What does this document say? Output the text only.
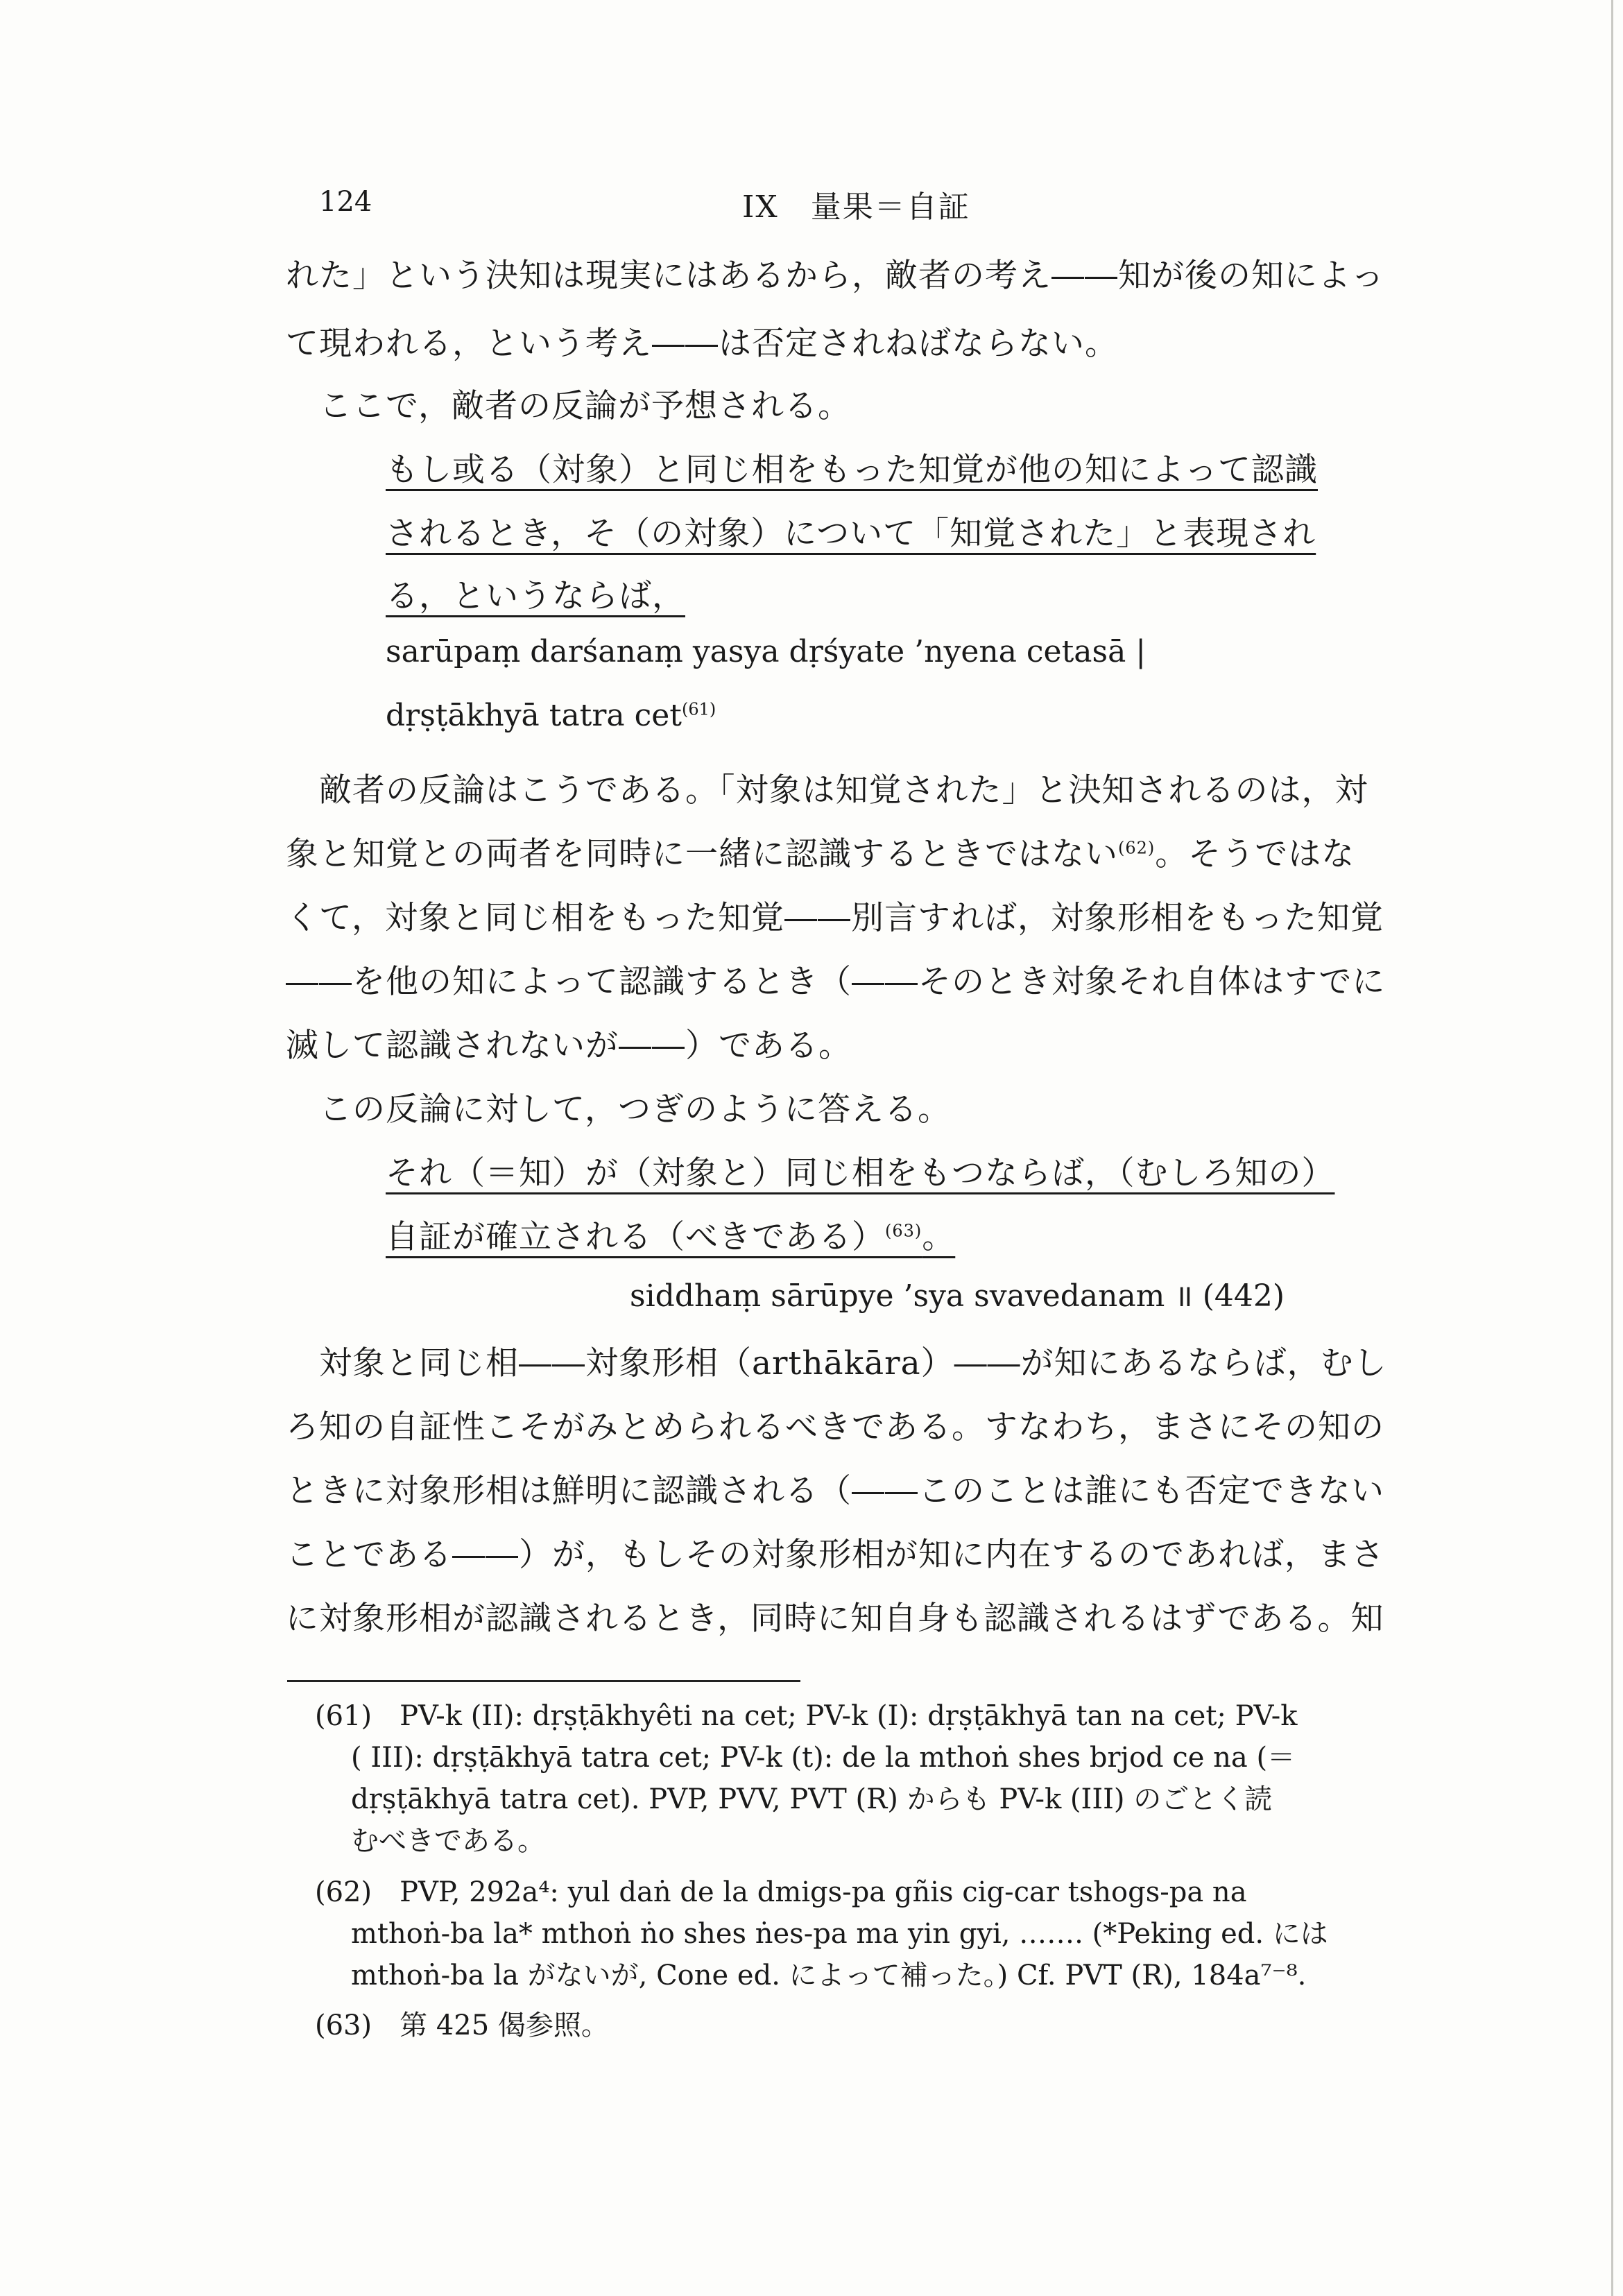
124	IX　量果＝自証
れた」という決知は現実にはあるから，敵者の考え――知が後の知によっ
て現われる，という考え――は否定されねばならない。
ここで，敵者の反論が予想される。
もし或る（対象）と同じ相をもった知覚が他の知によって認識
されるとき，そ（の対象）について「知覚された」と表現され
る，というならば，
sarūpaṃ darśanaṃ yasya dṛśyate ’nyena cetasā |
dṛṣṭākhyā tatra cet$^{(61)}$
敵者の反論はこうである。「対象は知覚された」と決知されるのは，対
象と知覚との両者を同時に一緒に認識するときではない$^{(62)}$。そうではな
くて，対象と同じ相をもった知覚――別言すれば，対象形相をもった知覚
――を他の知によって認識するとき（――そのとき対象それ自体はすでに
滅して認識されないが――）である。
この反論に対して，つぎのように答える。
それ（＝知）が（対象と）同じ相をもつならば，（むしろ知の）
自証が確立される（べきである）$^{(63)}$。
siddhaṃ sārūpye ’sya svavedanam ॥ (442)
対象と同じ相――対象形相（arthākāra）――が知にあるならば，むし
ろ知の自証性こそがみとめられるべきである。すなわち，まさにその知の
ときに対象形相は鮮明に認識される（――このことは誰にも否定できない
ことである――）が，もしその対象形相が知に内在するのであれば，まさ
に対象形相が認識されるとき，同時に知自身も認識されるはずである。知
(61)　PV-k (II): dṛṣṭākhyêti na cet; PV-k (I): dṛṣṭākhyā tan na cet; PV-k
( III): dṛṣṭākhyā tatra cet; PV-k (t): de la mthoṅ shes brjod ce na (＝
dṛṣṭākhyā tatra cet). PVP, PVV, PVT (R) からも PV-k (III) のごとく読
むべきである。
(62)　PVP, 292a⁴: yul daṅ de la dmigs-pa gñis cig-car tshogs-pa na
mthoṅ-ba la* mthoṅ ṅo shes ṅes-pa ma yin gyi, ……. (*Peking ed. には
mthoṅ-ba la がないが, Cone ed. によって補った。) Cf. PVT (R), 184a⁷⁻⁸.
(63)　第 425 偈参照。
